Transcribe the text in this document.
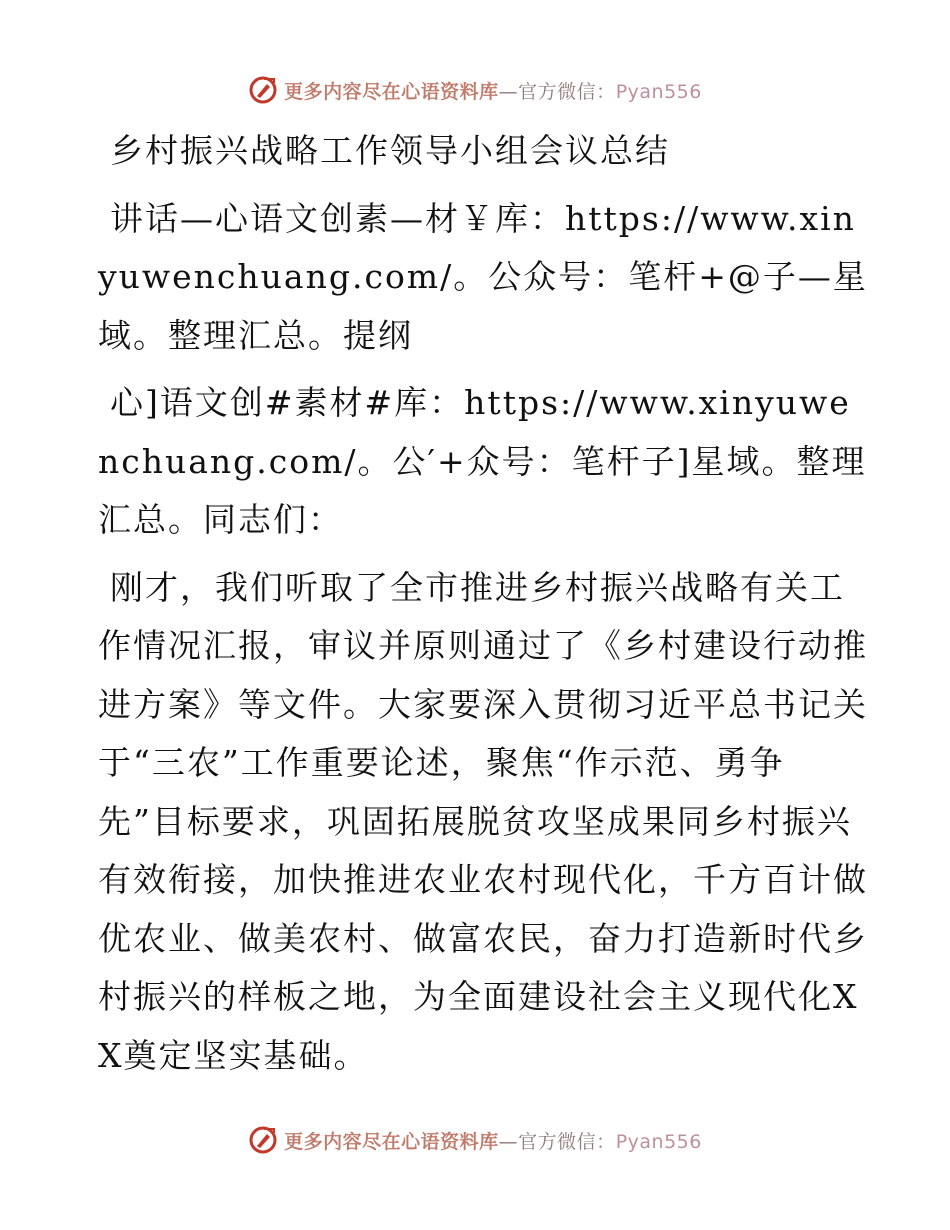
更多内容尽在心语资料库—官方微信：Pyan556

乡村振兴战略工作领导小组会议总结

讲话—心语文创素—材￥库：https://www.xinyuwenchuang.com/。公众号：笔杆+@子—星域。整理汇总。提纲

心]语文创#素材#库：https://www.xinyuwenchuang.com/。公′+众号：笔杆子]星域。整理汇总。同志们：

刚才，我们听取了全市推进乡村振兴战略有关工作情况汇报，审议并原则通过了《乡村建设行动推进方案》等文件。大家要深入贯彻习近平总书记关于“三农”工作重要论述，聚焦“作示范、勇争先”目标要求，巩固拓展脱贫攻坚成果同乡村振兴有效衔接，加快推进农业农村现代化，千方百计做优农业、做美农村、做富农民，奋力打造新时代乡村振兴的样板之地，为全面建设社会主义现代化XX奠定坚实基础。

更多内容尽在心语资料库—官方微信：Pyan556
